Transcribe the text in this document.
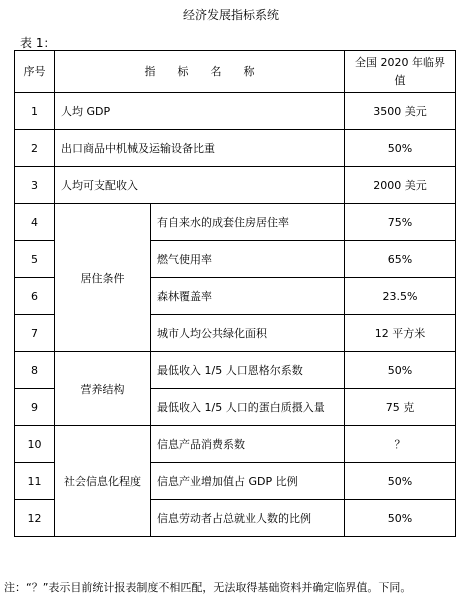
经济发展指标系统
表 1：
序号	指　　标　　名　　称		全国 2020 年临界值
1	人均 GDP		3500 美元
2	出口商品中机械及运输设备比重		50%
3	人均可支配收入		2000 美元
4	居住条件	有自来水的成套住房居住率	75%
5		燃气使用率	65%
6		森林覆盖率	23.5%
7		城市人均公共绿化面积	12 平方米
8	营养结构	最低收入 1/5 人口恩格尔系数	50%
9		最低收入 1/5 人口的蛋白质摄入量	75 克
10	社会信息化程度	信息产品消费系数	？
11		信息产业增加值占 GDP 比例	50%
12		信息劳动者占总就业人数的比例	50%
注：“？”表示目前统计报表制度不相匹配，无法取得基础资料并确定临界值。下同。
